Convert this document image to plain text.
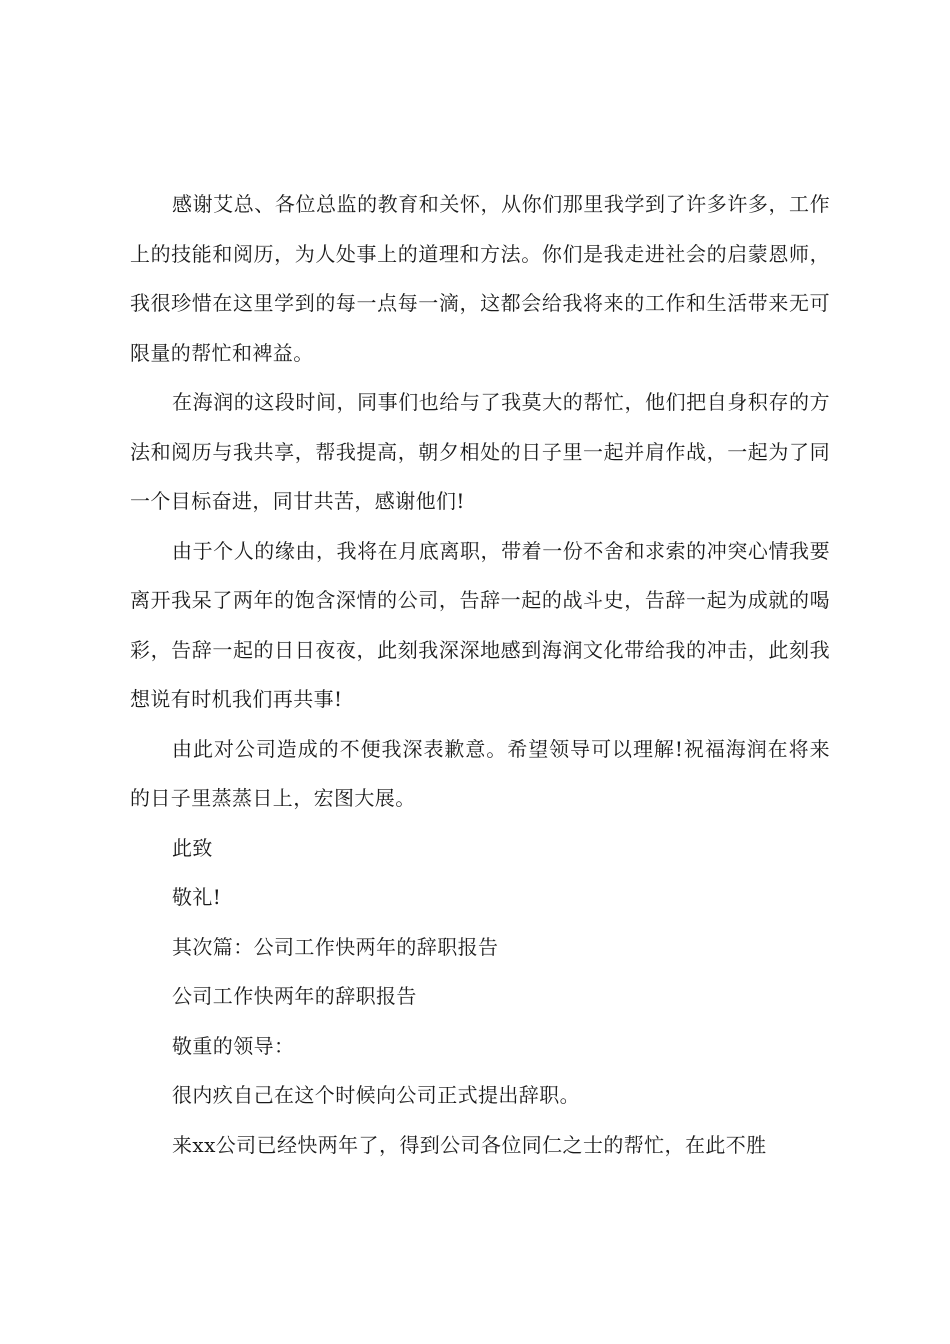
感谢艾总、各位总监的教育和关怀，从你们那里我学到了许多许多，工作上的技能和阅历，为人处事上的道理和方法。你们是我走进社会的启蒙恩师，我很珍惜在这里学到的每一点每一滴，这都会给我将来的工作和生活带来无可限量的帮忙和裨益。

在海润的这段时间，同事们也给与了我莫大的帮忙，他们把自身积存的方法和阅历与我共享，帮我提高，朝夕相处的日子里一起并肩作战，一起为了同一个目标奋进，同甘共苦，感谢他们!

由于个人的缘由，我将在月底离职，带着一份不舍和求索的冲突心情我要离开我呆了两年的饱含深情的公司，告辞一起的战斗史，告辞一起为成就的喝彩，告辞一起的日日夜夜，此刻我深深地感到海润文化带给我的冲击，此刻我想说有时机我们再共事!

由此对公司造成的不便我深表歉意。希望领导可以理解!祝福海润在将来的日子里蒸蒸日上，宏图大展。

此致

敬礼!

其次篇：公司工作快两年的辞职报告

公司工作快两年的辞职报告

敬重的领导：

很内疚自己在这个时候向公司正式提出辞职。

来xx公司已经快两年了，得到公司各位同仁之士的帮忙，在此不胜
